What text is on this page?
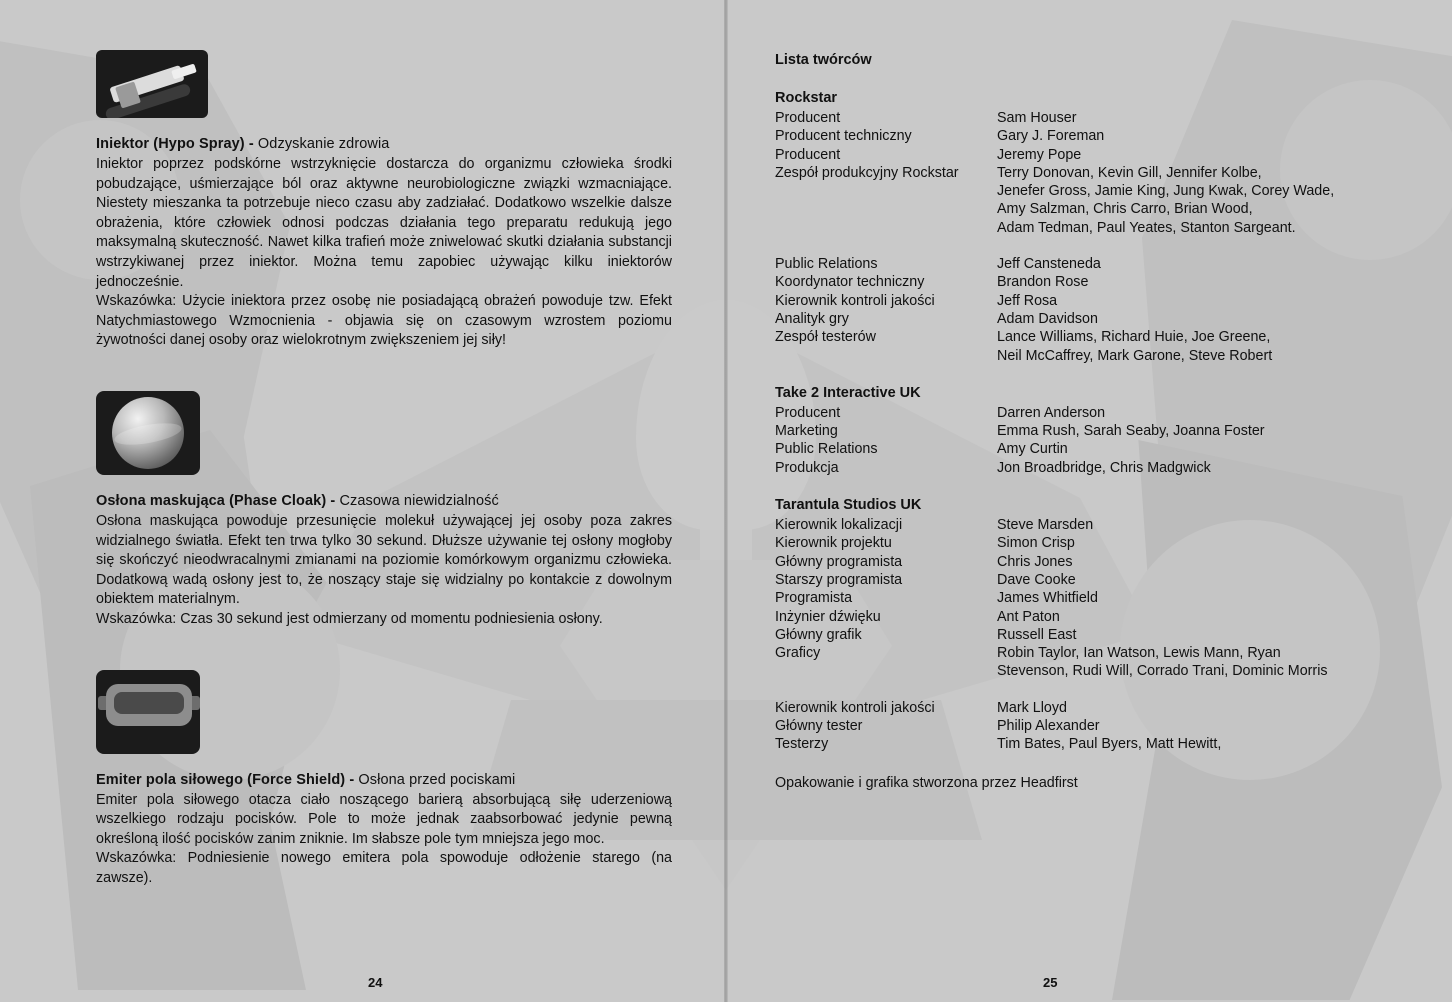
Iniektor (Hypo Spray) - Odzyskanie zdrowia

Iniektor poprzez podskórne wstrzyknięcie dostarcza do organizmu człowieka środki pobudzające, uśmierzające ból oraz aktywne neurobiologiczne związki wzmacniające. Niestety mieszanka ta potrzebuje nieco czasu aby zadziałać. Dodatkowo wszelkie dalsze obrażenia, które człowiek odnosi podczas działania tego preparatu redukują jego maksymalną skuteczność. Nawet kilka trafień może zniwelować skutki działania substancji wstrzykiwanej przez iniektor. Można temu zapobiec używając kilku iniektorów jednocześnie.

Wskazówka: Użycie iniektora przez osobę nie posiadającą obrażeń powoduje tzw. Efekt Natychmiastowego Wzmocnienia - objawia się on czasowym wzrostem poziomu żywotności danej osoby oraz wielokrotnym zwiększeniem jej siły!

Osłona maskująca (Phase Cloak) - Czasowa niewidzialność

Osłona maskująca powoduje przesunięcie molekuł używającej jej osoby poza zakres widzialnego światła. Efekt ten trwa tylko 30 sekund. Dłuższe używanie tej osłony mogłoby się skończyć nieodwracalnymi zmianami na poziomie komórkowym organizmu człowieka. Dodatkową wadą osłony jest to, że noszący staje się widzialny po kontakcie z dowolnym obiektem materialnym.

Wskazówka: Czas 30 sekund jest odmierzany od momentu podniesienia osłony.

Emiter pola siłowego (Force Shield) - Osłona przed pociskami

Emiter pola siłowego otacza ciało noszącego barierą absorbującą siłę uderzeniową wszelkiego rodzaju pocisków. Pole to może jednak zaabsorbować jedynie pewną określoną ilość pocisków zanim zniknie. Im słabsze pole tym mniejsza jego moc.

Wskazówka: Podniesienie nowego emitera pola spowoduje odłożenie starego (na zawsze).

Lista twórców
Rockstar
Producent	Sam Houser
Producent techniczny	Gary J. Foreman
Producent	Jeremy Pope
Zespół produkcyjny Rockstar	Terry Donovan, Kevin Gill, Jennifer Kolbe,
Jenefer Gross, Jamie King, Jung Kwak, Corey Wade,
Amy Salzman, Chris Carro, Brian Wood,
Adam Tedman, Paul Yeates, Stanton Sargeant.
Public Relations	Jeff Cansteneda
Koordynator techniczny	Brandon Rose
Kierownik kontroli jakości	Jeff Rosa
Analityk gry	Adam Davidson
Zespół testerów	Lance Williams, Richard Huie, Joe Greene,
Neil McCaffrey, Mark Garone, Steve Robert
Take 2 Interactive UK
Producent	Darren Anderson
Marketing	Emma Rush, Sarah Seaby, Joanna Foster
Public Relations	Amy Curtin
Produkcja	Jon Broadbridge, Chris Madgwick
Tarantula Studios UK
Kierownik lokalizacji	Steve Marsden
Kierownik projektu	Simon Crisp
Główny programista	Chris Jones
Starszy programista	Dave Cooke
Programista	James Whitfield
Inżynier dźwięku	Ant Paton
Główny grafik	Russell East
Graficy	Robin Taylor, Ian Watson, Lewis Mann, Ryan
Stevenson, Rudi Will, Corrado Trani, Dominic Morris
Kierownik kontroli jakości	Mark Lloyd
Główny tester	Philip Alexander
Testerzy	Tim Bates, Paul Byers, Matt Hewitt,
Opakowanie i grafika stworzona przez Headfirst
24	25
